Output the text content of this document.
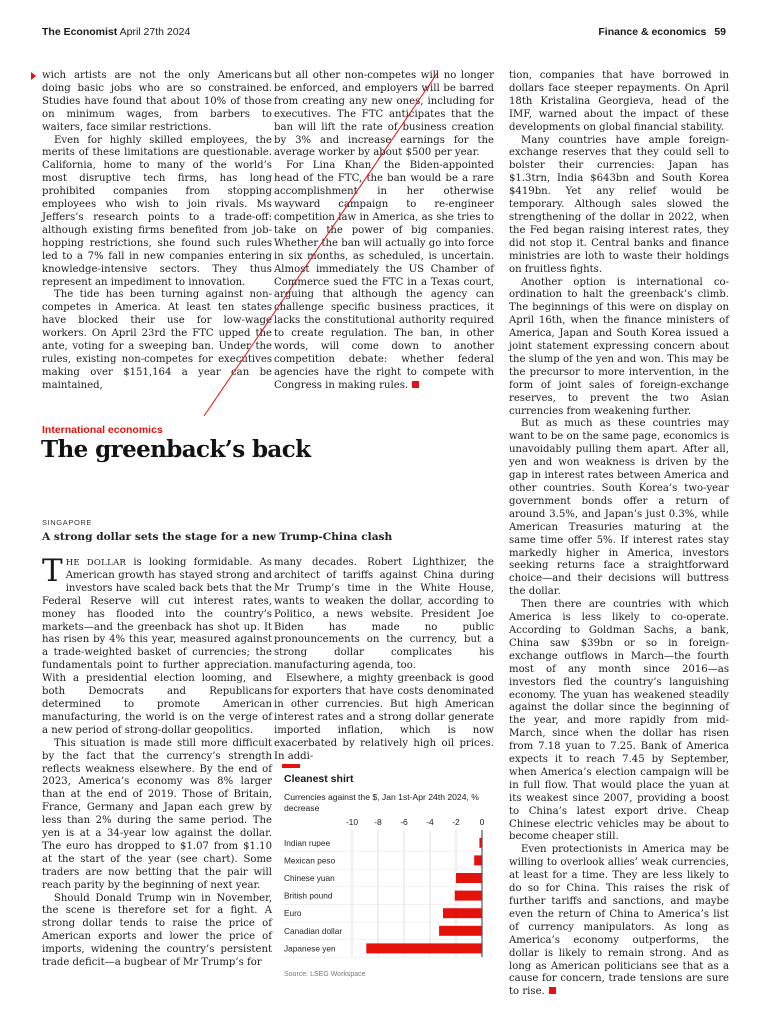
The Economist April 27th 2024	Finance & economics 59

wich artists are not the only Americans doing basic jobs who are so constrained. Studies have found that about 10% of those on minimum wages, from barbers to waiters, face similar restrictions.

Even for highly skilled employees, the merits of these limitations are questionable. California, home to many of the world’s most disruptive tech firms, has long prohibited companies from stopping employees who wish to join rivals. Ms Jeffers’s research points to a trade-off: although existing firms benefited from job-hopping restrictions, she found such rules led to a 7% fall in new companies entering knowledge-intensive sectors. They thus represent an impediment to innovation.

The tide has been turning against non-competes in America. At least ten states have blocked their use for low-wage workers. On April 23rd the FTC upped the ante, voting for a sweeping ban. Under the rules, existing non-competes for executives making over $151,164 a year can be maintained,

but all other non-competes will no longer be enforced, and employers will be barred from creating any new ones, including for executives. The FTC anticipates that the ban will lift the rate of business creation by 3% and increase earnings for the average worker by about $500 per year.

For Lina Khan, the Biden-appointed head of the FTC, the ban would be a rare accomplishment in her otherwise wayward campaign to re-engineer competition law in America, as she tries to take on the power of big companies. Whether the ban will actually go into force in six months, as scheduled, is uncertain. Almost immediately the US Chamber of Commerce sued the FTC in a Texas court, arguing that although the agency can challenge specific business practices, it lacks the constitutional authority required to create regulation. The ban, in other words, will come down to another competition debate: whether federal agencies have the right to compete with Congress in making rules.

tion, companies that have borrowed in dollars face steeper repayments. On April 18th Kristalina Georgieva, head of the IMF, warned about the impact of these developments on global financial stability.

Many countries have ample foreign-exchange reserves that they could sell to bolster their currencies: Japan has $1.3trn, India $643bn and South Korea $419bn. Yet any relief would be temporary. Although sales slowed the strengthening of the dollar in 2022, when the Fed began raising interest rates, they did not stop it. Central banks and finance ministries are loth to waste their holdings on fruitless fights.

Another option is international co-ordination to halt the greenback’s climb. The beginnings of this were on display on April 16th, when the finance ministers of America, Japan and South Korea issued a joint statement expressing concern about the slump of the yen and won. This may be the precursor to more intervention, in the form of joint sales of foreign-exchange reserves, to prevent the two Asian currencies from weakening further.

But as much as these countries may want to be on the same page, economics is unavoidably pulling them apart. After all, yen and won weakness is driven by the gap in interest rates between America and other countries. South Korea’s two-year government bonds offer a return of around 3.5%, and Japan’s just 0.3%, while American Treasuries maturing at the same time offer 5%. If interest rates stay markedly higher in America, investors seeking returns face a straightforward choice—and their decisions will buttress the dollar.

Then there are countries with which America is less likely to co-operate. According to Goldman Sachs, a bank, China saw $39bn or so in foreign-exchange outflows in March—the fourth most of any month since 2016—as investors fled the country’s languishing economy. The yuan has weakened steadily against the dollar since the beginning of the year, and more rapidly from mid-March, since when the dollar has risen from 7.18 yuan to 7.25. Bank of America expects it to reach 7.45 by September, when America’s election campaign will be in full flow. That would place the yuan at its weakest since 2007, providing a boost to China’s latest export drive. Cheap Chinese electric vehicles may be about to become cheaper still.

Even protectionists in America may be willing to overlook allies’ weak currencies, at least for a time. They are less likely to do so for China. This raises the risk of further tariffs and sanctions, and maybe even the return of China to America’s list of currency manipulators. As long as America’s economy outperforms, the dollar is likely to remain strong. And as long as American politicians see that as a cause for concern, trade tensions are sure to rise.

International economics
The greenback’s back
SINGAPORE
A strong dollar sets the stage for a new Trump-China clash

THE DOLLAR is looking formidable. As American growth has stayed strong and investors have scaled back bets that the Federal Reserve will cut interest rates, money has flooded into the country’s markets—and the greenback has shot up. It has risen by 4% this year, measured against a trade-weighted basket of currencies; the fundamentals point to further appreciation. With a presidential election looming, and both Democrats and Republicans determined to promote American manufacturing, the world is on the verge of a new period of strong-dollar geopolitics.

This situation is made still more difficult by the fact that the currency’s strength reflects weakness elsewhere. By the end of 2023, America’s economy was 8% larger than at the end of 2019. Those of Britain, France, Germany and Japan each grew by less than 2% during the same period. The yen is at a 34-year low against the dollar. The euro has dropped to $1.07 from $1.10 at the start of the year (see chart). Some traders are now betting that the pair will reach parity by the beginning of next year.

Should Donald Trump win in November, the scene is therefore set for a fight. A strong dollar tends to raise the price of American exports and lower the price of imports, widening the country’s persistent trade deficit—a bugbear of Mr Trump’s for

many decades. Robert Lighthizer, the architect of tariffs against China during Mr Trump’s time in the White House, wants to weaken the dollar, according to Politico, a news website. President Joe Biden has made no public pronouncements on the currency, but a strong dollar complicates his manufacturing agenda, too.

Elsewhere, a mighty greenback is good for exporters that have costs denominated in other currencies. But high American interest rates and a strong dollar generate imported inflation, which is now exacerbated by relatively high oil prices. In addi-

Cleanest shirt
Currencies against the $, Jan 1st-Apr 24th 2024, % decrease
-10 -8 -6 -4 -2 0
Indian rupee
Mexican peso
Chinese yuan
British pound
Euro
Canadian dollar
Japanese yen
Source: LSEG Workspace
